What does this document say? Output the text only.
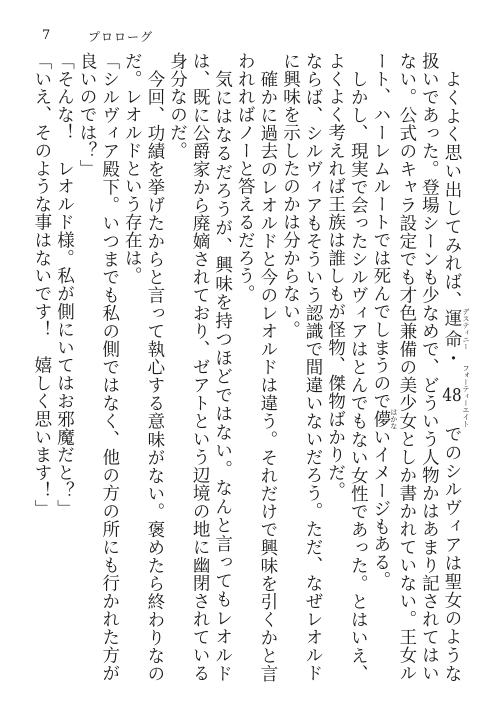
7	プロローグ

よくよく思い出してみれば、運命 デスティニー・48 フォーティーエイトでのシルヴィアは聖女のような扱いであった。登場シーンも少なめで、どういう人物かはあまり記されてはいない。公式のキャラ設定でも才色兼備の美少女としか書かれていない。王女ルート、ハーレムルートでは死んでしまうので儚 はかないイメージもある。

しかし、現実で会ったシルヴィアはとんでもない女性であった。とはいえ、よくよく考えれば王族は誰しもが怪物、傑物ばかりだ。

ならば、シルヴィアもそういう認識で間違いないだろう。ただ、なぜレオルドに興味を示したのかは分からない。

確かに過去のレオルドと今のレオルドは違う。それだけで興味を引くかと言われればノーと答えるだろう。

気にはなるだろうが、興味を持つほどではない。なんと言ってもレオルドは、既に公爵家から廃嫡されており、ゼアトという辺境の地に幽閉されている身分なのだ。

今回、功績を挙げたからと言って執心する意味がない。褒めたら終わりなのだ。レオルドという存在は。

「シルヴィア殿下。いつまでも私の側ではなく、他の方の所にも行かれた方が良いのでは？」

「そんな！　レオルド様。私が側にいてはお邪魔だと？」

「いえ、そのような事はないです！　嬉しく思います！」
